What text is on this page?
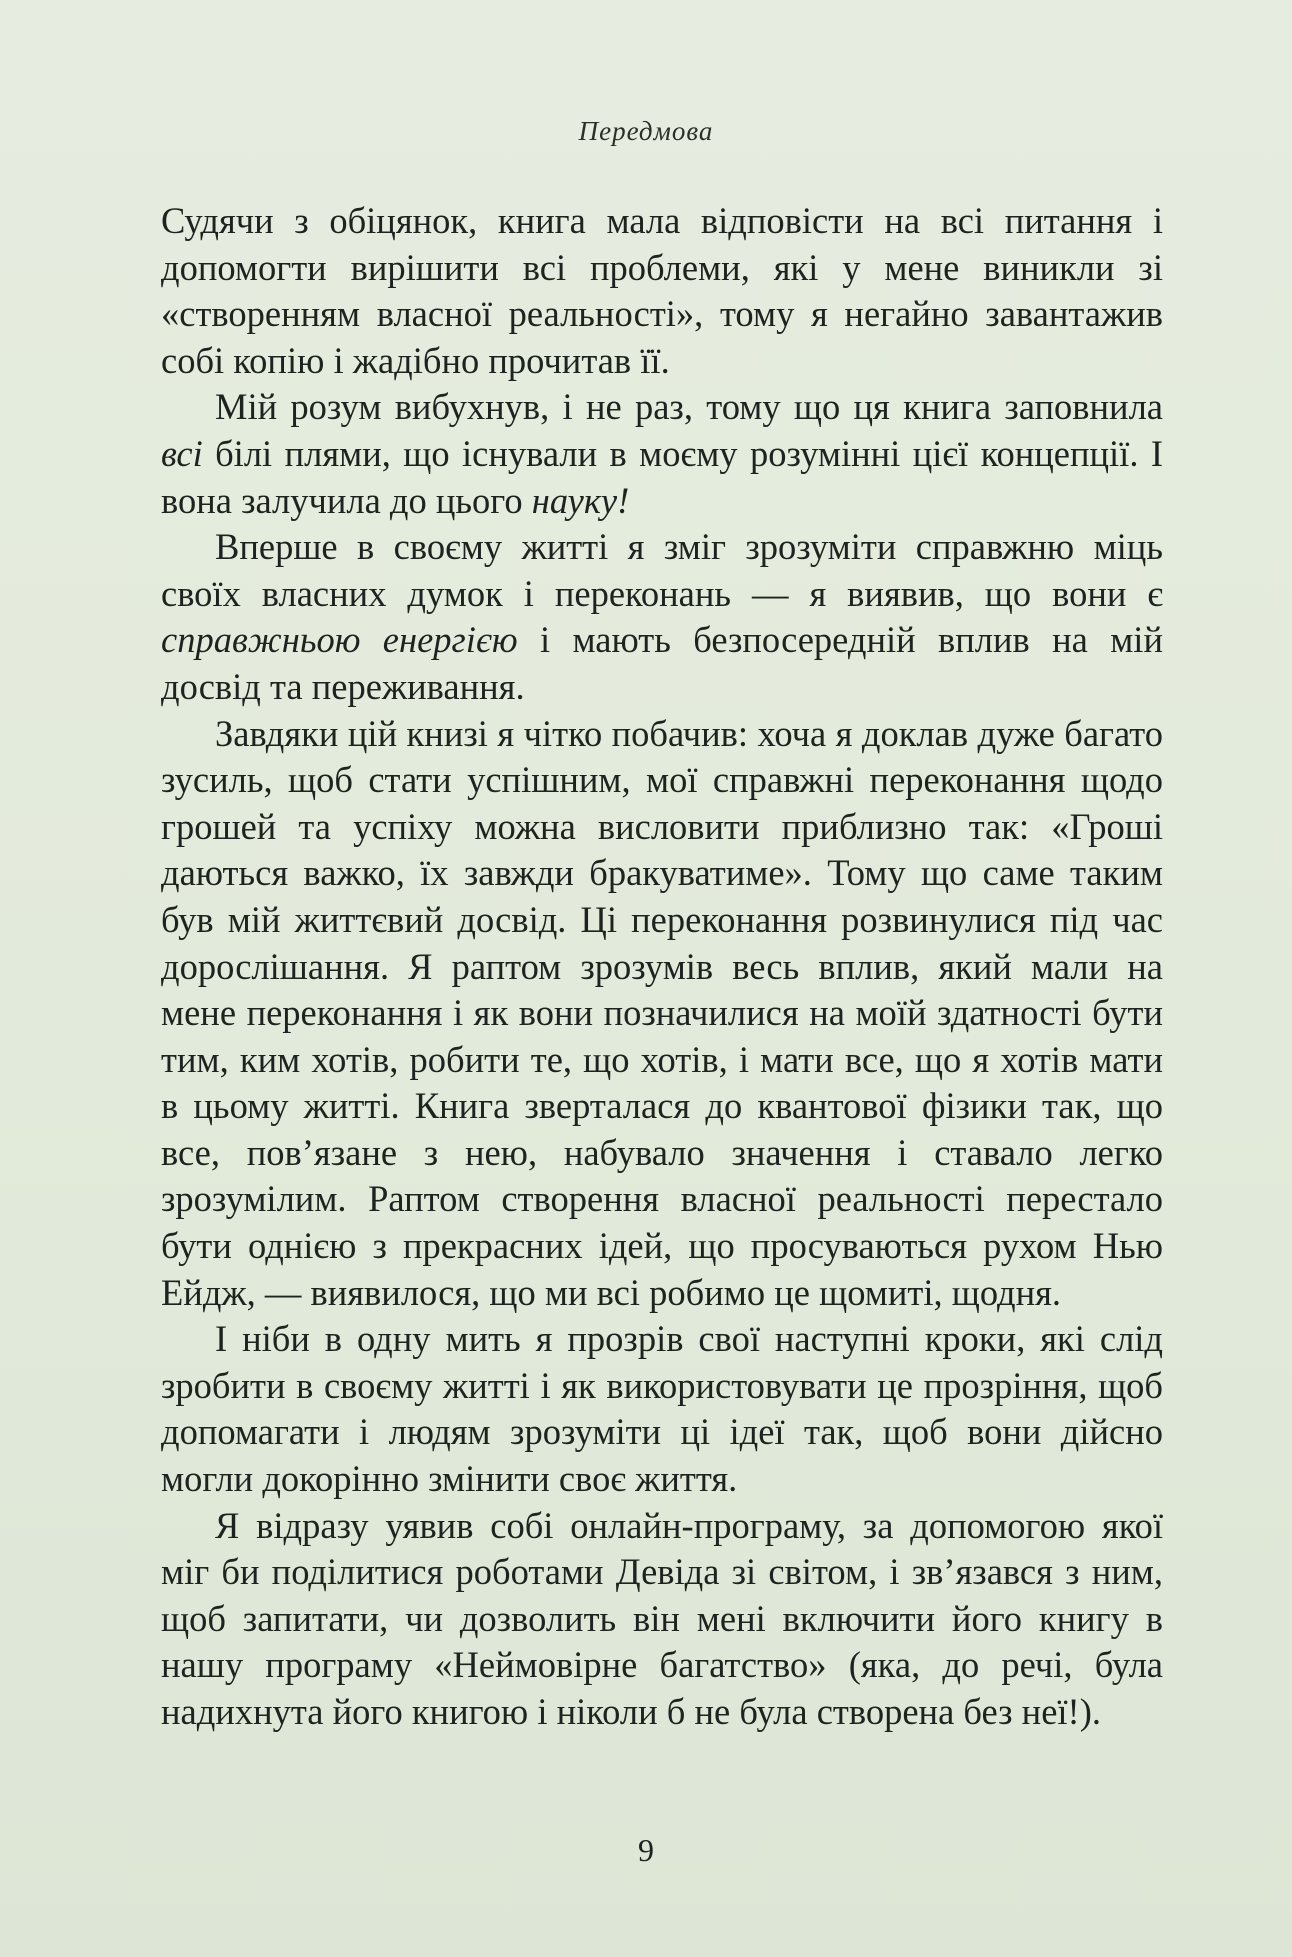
Передмова

Судячи з обіцянок, книга мала відповісти на всі питання і допомогти вирішити всі проблеми, які у мене виникли зі «створенням власної реальності», тому я негайно завантажив собі копію і жадібно прочитав її.

Мій розум вибухнув, і не раз, тому що ця книга заповнила всі білі плями, що існували в моєму розумінні цієї концепції. І вона залучила до цього науку!

Вперше в своєму житті я зміг зрозуміти справжню міць своїх власних думок і переконань — я виявив, що вони є справжньою енергією і мають безпосередній вплив на мій досвід та переживання.

Завдяки цій книзі я чітко побачив: хоча я доклав дуже багато зусиль, щоб стати успішним, мої справжні переконання щодо грошей та успіху можна висловити приблизно так: «Гроші даються важко, їх завжди бракуватиме». Тому що саме таким був мій життєвий досвід. Ці переконання розвинулися під час дорослішання. Я раптом зрозумів весь вплив, який мали на мене переконання і як вони позначилися на моїй здатності бути тим, ким хотів, робити те, що хотів, і мати все, що я хотів мати в цьому житті. Книга зверталася до квантової фізики так, що все, пов’язане з нею, набувало значення і ставало легко зрозумілим. Раптом створення власної реальності перестало бути однією з прекрасних ідей, що просуваються рухом Нью Ейдж, — виявилося, що ми всі робимо це щомиті, щодня.

І ніби в одну мить я прозрів свої наступні кроки, які слід зробити в своєму житті і як використовувати це прозріння, щоб допомагати і людям зрозуміти ці ідеї так, щоб вони дійсно могли докорінно змінити своє життя.

Я відразу уявив собі онлайн-програму, за допомогою якої міг би поділитися роботами Девіда зі світом, і зв’язався з ним, щоб запитати, чи дозволить він мені включити його книгу в нашу програму «Неймовірне багатство» (яка, до речі, була надихнута його книгою і ніколи б не була створена без неї!).

9
